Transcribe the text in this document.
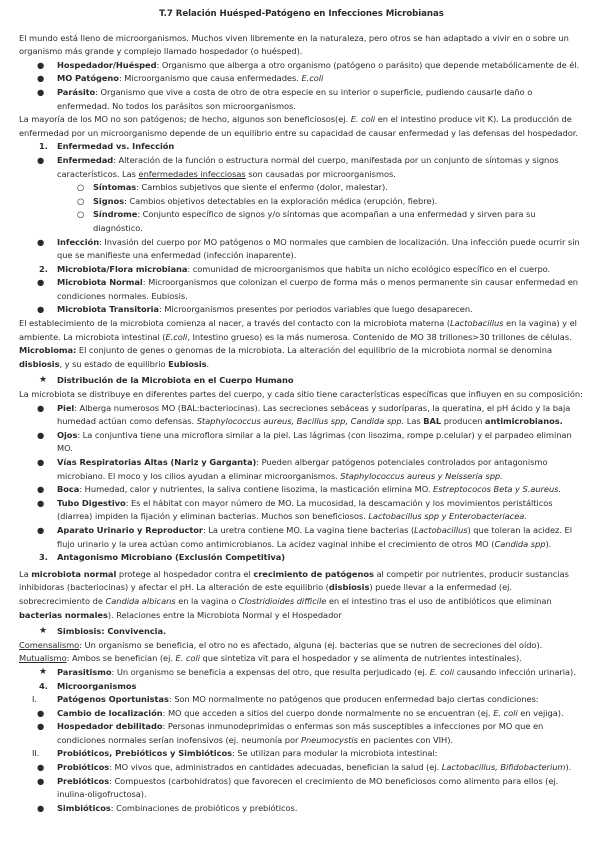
T.7 Relación Huésped-Patógeno en Infecciones Microbianas

El mundo está lleno de microorganismos. Muchos viven libremente en la naturaleza, pero otros se han adaptado a vivir en o sobre un organismo más grande y complejo llamado hospedador (o huésped).

● Hospedador/Huésped: Organismo que alberga a otro organismo (patógeno o parásito) que depende metabólicamente de él.
● MO Patógeno: Microorganismo que causa enfermedades. E.coli
● Parásito: Organismo que vive a costa de otro de otra especie en su interior o superficie, pudiendo causarle daño o enfermedad. No todos los parásitos son microorganismos.

La mayoría de los MO no son patógenos; de hecho, algunos son beneficiosos(ej. E. coli en el intestino produce vit K). La producción de enfermedad por un microorganismo depende de un equilibrio entre su capacidad de causar enfermedad y las defensas del hospedador.

1. Enfermedad vs. Infección
● Enfermedad: Alteración de la función o estructura normal del cuerpo, manifestada por un conjunto de síntomas y signos característicos. Las enfermedades infecciosas son causadas por microorganismos.
○ Síntomas: Cambios subjetivos que siente el enfermo (dolor, malestar).
○ Signos: Cambios objetivos detectables en la exploración médica (erupción, fiebre).
○ Síndrome: Conjunto específico de signos y/o síntomas que acompañan a una enfermedad y sirven para su diagnóstico.
● Infección: Invasión del cuerpo por MO patógenos o MO normales que cambien de localización. Una infección puede ocurrir sin que se manifieste una enfermedad (infección inaparente).
2. Microbiota/Flora microbiana: comunidad de microorganismos que habita un nicho ecológico específico en el cuerpo.
● Microbiota Normal: Microorganismos que colonizan el cuerpo de forma más o menos permanente sin causar enfermedad en condiciones normales. Eubiosis.
● Microbiota Transitoria: Microorganismos presentes por periodos variables que luego desaparecen.

El establecimiento de la microbiota comienza al nacer, a través del contacto con la microbiota materna (Lactobacillus en la vagina) y el ambiente. La microbiota intestinal (E.coli, Intestino grueso) es la más numerosa. Contenido de MO 38 trillones>30 trillones de células. Microbioma: El conjunto de genes o genomas de la microbiota. La alteración del equilibrio de la microbiota normal se denomina disbiosis, y su estado de equilibrio Eubiosis.

★ Distribución de la Microbiota en el Cuerpo Humano

La microbiota se distribuye en diferentes partes del cuerpo, y cada sitio tiene características específicas que influyen en su composición:

● Piel: Alberga numerosos MO (BAL:bacteriocinas). Las secreciones sebáceas y sudoríparas, la queratina, el pH ácido y la baja humedad actúan como defensas. Staphylococcus aureus, Bacillus spp, Candida spp. Las BAL producen antimicrobianos.
● Ojos: La conjuntiva tiene una microflora similar a la piel. Las lágrimas (con lisozima, rompe p.celular) y el parpadeo eliminan MO.
● Vías Respiratorias Altas (Nariz y Garganta): Pueden albergar patógenos potenciales controlados por antagonismo microbiano. El moco y los cilios ayudan a eliminar microorganismos. Staphylococcus aureus y Neisseria spp.
● Boca: Humedad, calor y nutrientes, la saliva contiene lisozima, la masticación elimina MO. Estreptococos Beta y S.aureus.
● Tubo Digestivo: Es el hábitat con mayor número de MO. La mucosidad, la descamación y los movimientos peristálticos (diarrea) impiden la fijación y eliminan bacterias. Muchos son beneficiosos. Lactobacillus spp y Enterobacteriacea.
● Aparato Urinario y Reproductor: La uretra contiene MO. La vagina tiene bacterias (Lactobacillus) que toleran la acidez. El flujo urinario y la urea actúan como antimicrobianos. La acidez vaginal inhibe el crecimiento de otros MO (Candida spp).
3. Antagonismo Microbiano (Exclusión Competitiva)

La microbiota normal protege al hospedador contra el crecimiento de patógenos al competir por nutrientes, producir sustancias inhibidoras (bacteriocinas) y afectar el pH. La alteración de este equilibrio (disbiosis) puede llevar a la enfermedad (ej. sobrecrecimiento de Candida albicans en la vagina o Clostridioides difficile en el intestino tras el uso de antibióticos que eliminan bacterias normales). Relaciones entre la Microbiota Normal y el Hospedador

★ Simbiosis: Convivencia.

Comensalismo: Un organismo se beneficia, el otro no es afectado, alguna (ej. bacterias que se nutren de secreciones del oído).

Mutualismo: Ambos se benefician (ej. E. coli que sintetiza vit para el hospedador y se alimenta de nutrientes intestinales).

★ Parasitismo: Un organismo se beneficia a expensas del otro, que resulta perjudicado (ej. E. coli causando infección urinaria).
4. Microorganismos
I. Patógenos Oportunistas: Son MO normalmente no patógenos que producen enfermedad bajo ciertas condiciones:
● Cambio de localización: MO que acceden a sitios del cuerpo donde normalmente no se encuentran (ej. E. coli en vejiga).
● Hospedador debilitado: Personas inmunodeprimidas o enfermas son más susceptibles a infecciones por MO que en condiciones normales serían inofensivos (ej. neumonía por Pneumocystis en pacientes con VIH).
II. Probióticos, Prebióticos y Simbióticos: Se utilizan para modular la microbiota intestinal:
● Probióticos: MO vivos que, administrados en cantidades adecuadas, benefician la salud (ej. Lactobacillus, Bifidobacterium).
● Prebióticos: Compuestos (carbohidratos) que favorecen el crecimiento de MO beneficiosos como alimento para ellos (ej. inulina-oligofructosa).
● Simbióticos: Combinaciones de probióticos y prebióticos.
